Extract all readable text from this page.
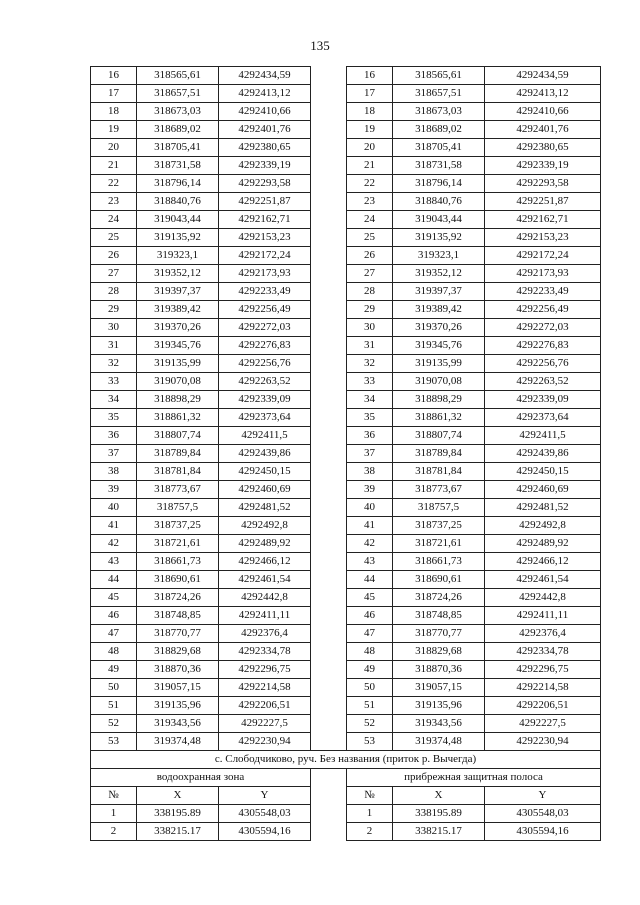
135
16	318565,61	4292434,59		16	318565,61	4292434,59
17	318657,51	4292413,12		17	318657,51	4292413,12
18	318673,03	4292410,66		18	318673,03	4292410,66
19	318689,02	4292401,76		19	318689,02	4292401,76
20	318705,41	4292380,65		20	318705,41	4292380,65
21	318731,58	4292339,19		21	318731,58	4292339,19
22	318796,14	4292293,58		22	318796,14	4292293,58
23	318840,76	4292251,87		23	318840,76	4292251,87
24	319043,44	4292162,71		24	319043,44	4292162,71
25	319135,92	4292153,23		25	319135,92	4292153,23
26	319323,1	4292172,24		26	319323,1	4292172,24
27	319352,12	4292173,93		27	319352,12	4292173,93
28	319397,37	4292233,49		28	319397,37	4292233,49
29	319389,42	4292256,49		29	319389,42	4292256,49
30	319370,26	4292272,03		30	319370,26	4292272,03
31	319345,76	4292276,83		31	319345,76	4292276,83
32	319135,99	4292256,76		32	319135,99	4292256,76
33	319070,08	4292263,52		33	319070,08	4292263,52
34	318898,29	4292339,09		34	318898,29	4292339,09
35	318861,32	4292373,64		35	318861,32	4292373,64
36	318807,74	4292411,5		36	318807,74	4292411,5
37	318789,84	4292439,86		37	318789,84	4292439,86
38	318781,84	4292450,15		38	318781,84	4292450,15
39	318773,67	4292460,69		39	318773,67	4292460,69
40	318757,5	4292481,52		40	318757,5	4292481,52
41	318737,25	4292492,8		41	318737,25	4292492,8
42	318721,61	4292489,92		42	318721,61	4292489,92
43	318661,73	4292466,12		43	318661,73	4292466,12
44	318690,61	4292461,54		44	318690,61	4292461,54
45	318724,26	4292442,8		45	318724,26	4292442,8
46	318748,85	4292411,11		46	318748,85	4292411,11
47	318770,77	4292376,4		47	318770,77	4292376,4
48	318829,68	4292334,78		48	318829,68	4292334,78
49	318870,36	4292296,75		49	318870,36	4292296,75
50	319057,15	4292214,58		50	319057,15	4292214,58
51	319135,96	4292206,51		51	319135,96	4292206,51
52	319343,56	4292227,5		52	319343,56	4292227,5
53	319374,48	4292230,94		53	319374,48	4292230,94
с. Слободчиково, руч. Без названия (приток р. Вычегда)						
водоохранная зона				прибрежная защитная полоса		
№	X	Y		№	X	Y
1	338195.89	4305548,03		1	338195.89	4305548,03
2	338215.17	4305594,16		2	338215.17	4305594,16
